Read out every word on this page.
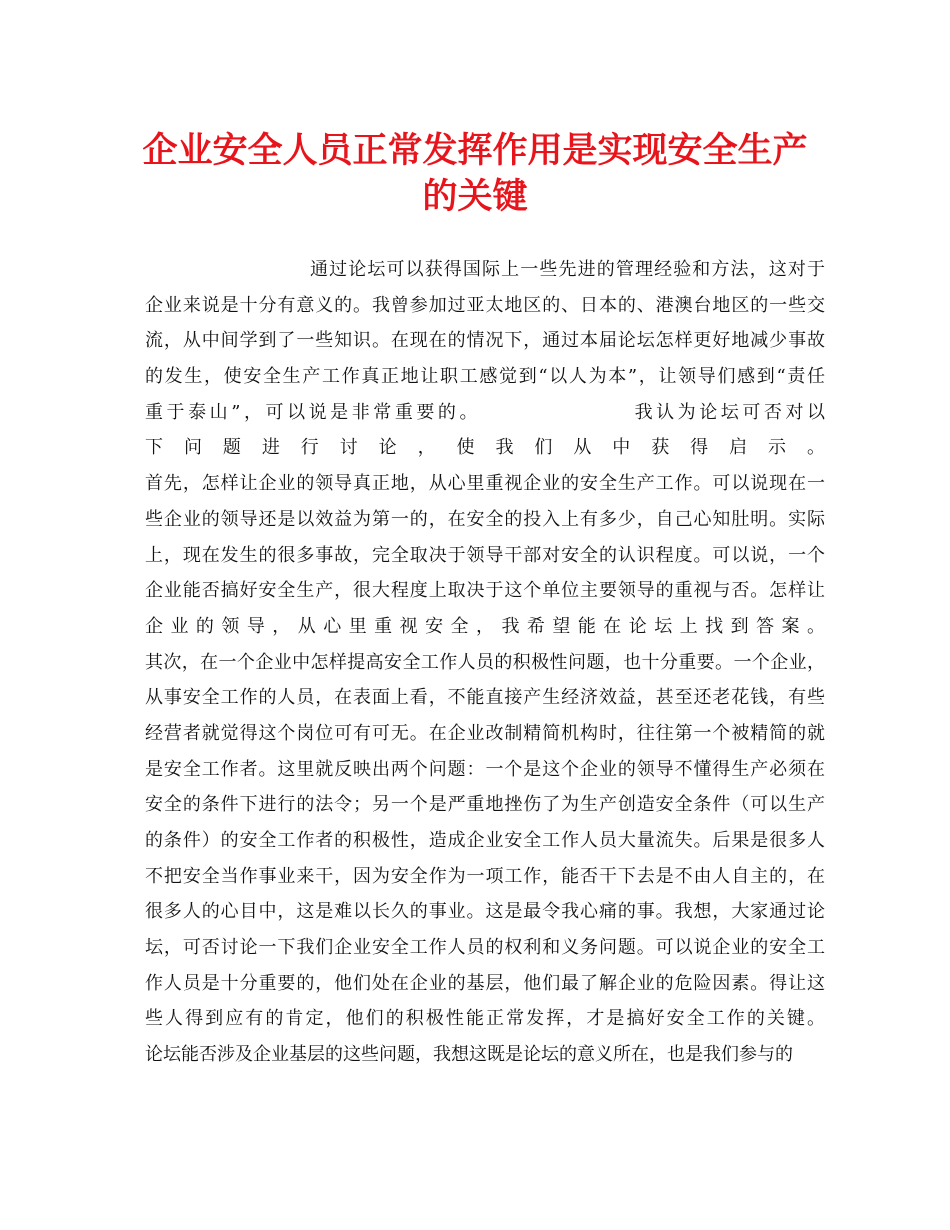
企业安全人员正常发挥作用是实现安全生产
的关键
通过论坛可以获得国际上一些先进的管理经验和方法，这对于
企业来说是十分有意义的。我曾参加过亚太地区的、日本的、港澳台地区的一些交
流，从中间学到了一些知识。在现在的情况下，通过本届论坛怎样更好地减少事故
的发生，使安全生产工作真正地让职工感觉到“以人为本”，让领导们感到“责任
重于泰山”，可以说是非常重要的。	我认为论坛可否对以
下问题进行讨论，使我们从中获得启示。
首先，怎样让企业的领导真正地，从心里重视企业的安全生产工作。可以说现在一
些企业的领导还是以效益为第一的，在安全的投入上有多少，自己心知肚明。实际
上，现在发生的很多事故，完全取决于领导干部对安全的认识程度。可以说，一个
企业能否搞好安全生产，很大程度上取决于这个单位主要领导的重视与否。怎样让
企业的领导，从心里重视安全，我希望能在论坛上找到答案。
其次，在一个企业中怎样提高安全工作人员的积极性问题，也十分重要。一个企业，
从事安全工作的人员，在表面上看，不能直接产生经济效益，甚至还老花钱，有些
经营者就觉得这个岗位可有可无。在企业改制精简机构时，往往第一个被精简的就
是安全工作者。这里就反映出两个问题：一个是这个企业的领导不懂得生产必须在
安全的条件下进行的法令；另一个是严重地挫伤了为生产创造安全条件（可以生产
的条件）的安全工作者的积极性，造成企业安全工作人员大量流失。后果是很多人
不把安全当作事业来干，因为安全作为一项工作，能否干下去是不由人自主的，在
很多人的心目中，这是难以长久的事业。这是最令我心痛的事。我想，大家通过论
坛，可否讨论一下我们企业安全工作人员的权利和义务问题。可以说企业的安全工
作人员是十分重要的，他们处在企业的基层，他们最了解企业的危险因素。得让这
些人得到应有的肯定，他们的积极性能正常发挥，才是搞好安全工作的关键。
论坛能否涉及企业基层的这些问题，我想这既是论坛的意义所在，也是我们参与的
